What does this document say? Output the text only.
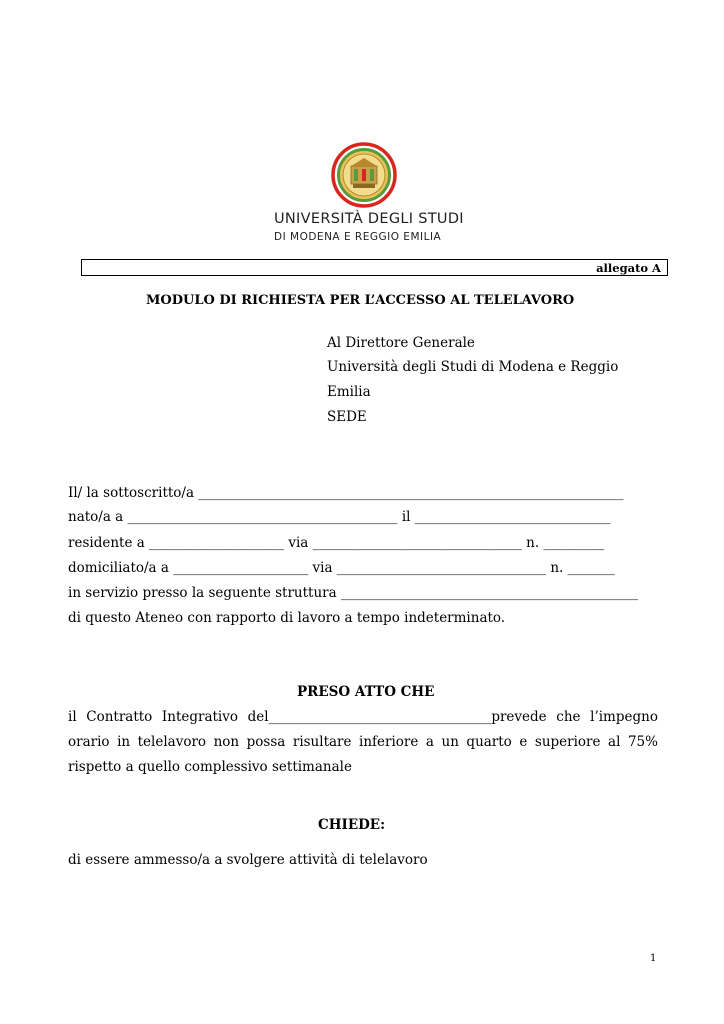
UNIVERSITÀ DEGLI STUDI
DI MODENA E REGGIO EMILIA
allegato A
MODULO DI RICHIESTA PER L’ACCESSO AL TELELAVORO
Al Direttore Generale
Università degli Studi di Modena e Reggio
Emilia
SEDE
Il/ la sottoscritto/a _______________________________________________________________
nato/a a ________________________________________ il _____________________________
residente a ____________________ via _______________________________ n. _________
domiciliato/a a ____________________ via _______________________________ n. _______
in servizio presso la seguente struttura ____________________________________________
di questo Ateneo con rapporto di lavoro a tempo indeterminato.
PRESO ATTO CHE
il Contratto Integrativo del_________________________________prevede che l’impegno
orario in telelavoro non possa risultare inferiore a un quarto e superiore al 75%
rispetto a quello complessivo settimanale
CHIEDE:
di essere ammesso/a a svolgere attività di telelavoro
1
